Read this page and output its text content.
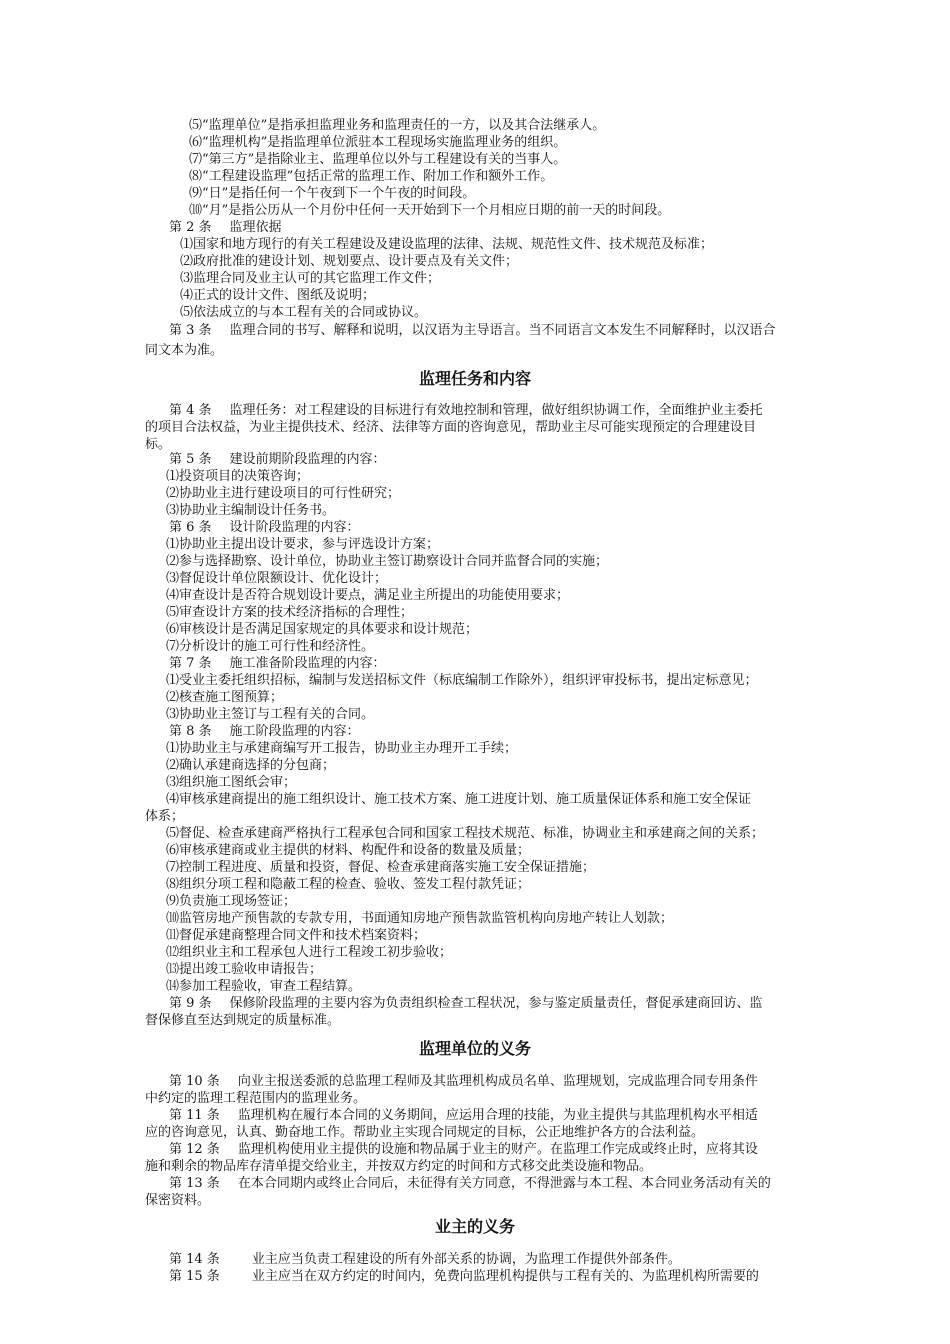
⑸“监理单位”是指承担监理业务和监理责任的一方，以及其合法继承人。
⑹“监理机构”是指监理单位派驻本工程现场实施监理业务的组织。
⑺“第三方”是指除业主、监理单位以外与工程建设有关的当事人。
⑻“工程建设监理”包括正常的监理工作、附加工作和额外工作。
⑼“日”是指任何一个午夜到下一个午夜的时间段。
⑽“月”是指公历从一个月份中任何一天开始到下一个月相应日期的前一天的时间段。
第 2 条 监理依据
⑴国家和地方现行的有关工程建设及建设监理的法律、法规、规范性文件、技术规范及标准；
⑵政府批准的建设计划、规划要点、设计要点及有关文件；
⑶监理合同及业主认可的其它监理工作文件；
⑷正式的设计文件、图纸及说明；
⑸依法成立的与本工程有关的合同或协议。
第 3 条 监理合同的书写、解释和说明，以汉语为主导语言。当不同语言文本发生不同解释时，以汉语合
同文本为准。
监理任务和内容
第 4 条 监理任务：对工程建设的目标进行有效地控制和管理，做好组织协调工作，全面维护业主委托
的项目合法权益，为业主提供技术、经济、法律等方面的咨询意见，帮助业主尽可能实现预定的合理建设目
标。
第 5 条 建设前期阶段监理的内容：
⑴投资项目的决策咨询；
⑵协助业主进行建设项目的可行性研究；
⑶协助业主编制设计任务书。
第 6 条 设计阶段监理的内容：
⑴协助业主提出设计要求，参与评选设计方案；
⑵参与选择勘察、设计单位，协助业主签订勘察设计合同并监督合同的实施；
⑶督促设计单位限额设计、优化设计；
⑷审查设计是否符合规划设计要点，满足业主所提出的功能使用要求；
⑸审查设计方案的技术经济指标的合理性；
⑹审核设计是否满足国家规定的具体要求和设计规范；
⑺分析设计的施工可行性和经济性。
第 7 条 施工准备阶段监理的内容：
⑴受业主委托组织招标，编制与发送招标文件（标底编制工作除外），组织评审投标书，提出定标意见；
⑵核查施工图预算；
⑶协助业主签订与工程有关的合同。
第 8 条 施工阶段监理的内容：
⑴协助业主与承建商编写开工报告，协助业主办理开工手续；
⑵确认承建商选择的分包商；
⑶组织施工图纸会审；
⑷审核承建商提出的施工组织设计、施工技术方案、施工进度计划、施工质量保证体系和施工安全保证
体系；
⑸督促、检查承建商严格执行工程承包合同和国家工程技术规范、标准，协调业主和承建商之间的关系；
⑹审核承建商或业主提供的材料、构配件和设备的数量及质量；
⑺控制工程进度、质量和投资，督促、检查承建商落实施工安全保证措施；
⑻组织分项工程和隐蔽工程的检查、验收、签发工程付款凭证；
⑼负责施工现场签证；
⑽监管房地产预售款的专款专用，书面通知房地产预售款监管机构向房地产转让人划款；
⑾督促承建商整理合同文件和技术档案资料；
⑿组织业主和工程承包人进行工程竣工初步验收；
⒀提出竣工验收申请报告；
⒁参加工程验收，审查工程结算。
第 9 条 保修阶段监理的主要内容为负责组织检查工程状况，参与鉴定质量责任，督促承建商回访、监
督保修直至达到规定的质量标准。
监理单位的义务
第 10 条 向业主报送委派的总监理工程师及其监理机构成员名单、监理规划，完成监理合同专用条件
中约定的监理工程范围内的监理业务。
第 11 条 监理机构在履行本合同的义务期间，应运用合理的技能，为业主提供与其监理机构水平相适
应的咨询意见，认真、勤奋地工作。帮助业主实现合同规定的目标，公正地维护各方的合法利益。
第 12 条 监理机构使用业主提供的设施和物品属于业主的财产。在监理工作完成或终止时，应将其设
施和剩余的物品库存清单提交给业主，并按双方约定的时间和方式移交此类设施和物品。
第 13 条 在本合同期内或终止合同后，未征得有关方同意，不得泄露与本工程、本合同业务活动有关的
保密资料。
业主的义务
第 14 条 业主应当负责工程建设的所有外部关系的协调，为监理工作提供外部条件。
第 15 条 业主应当在双方约定的时间内，免费向监理机构提供与工程有关的、为监理机构所需要的
